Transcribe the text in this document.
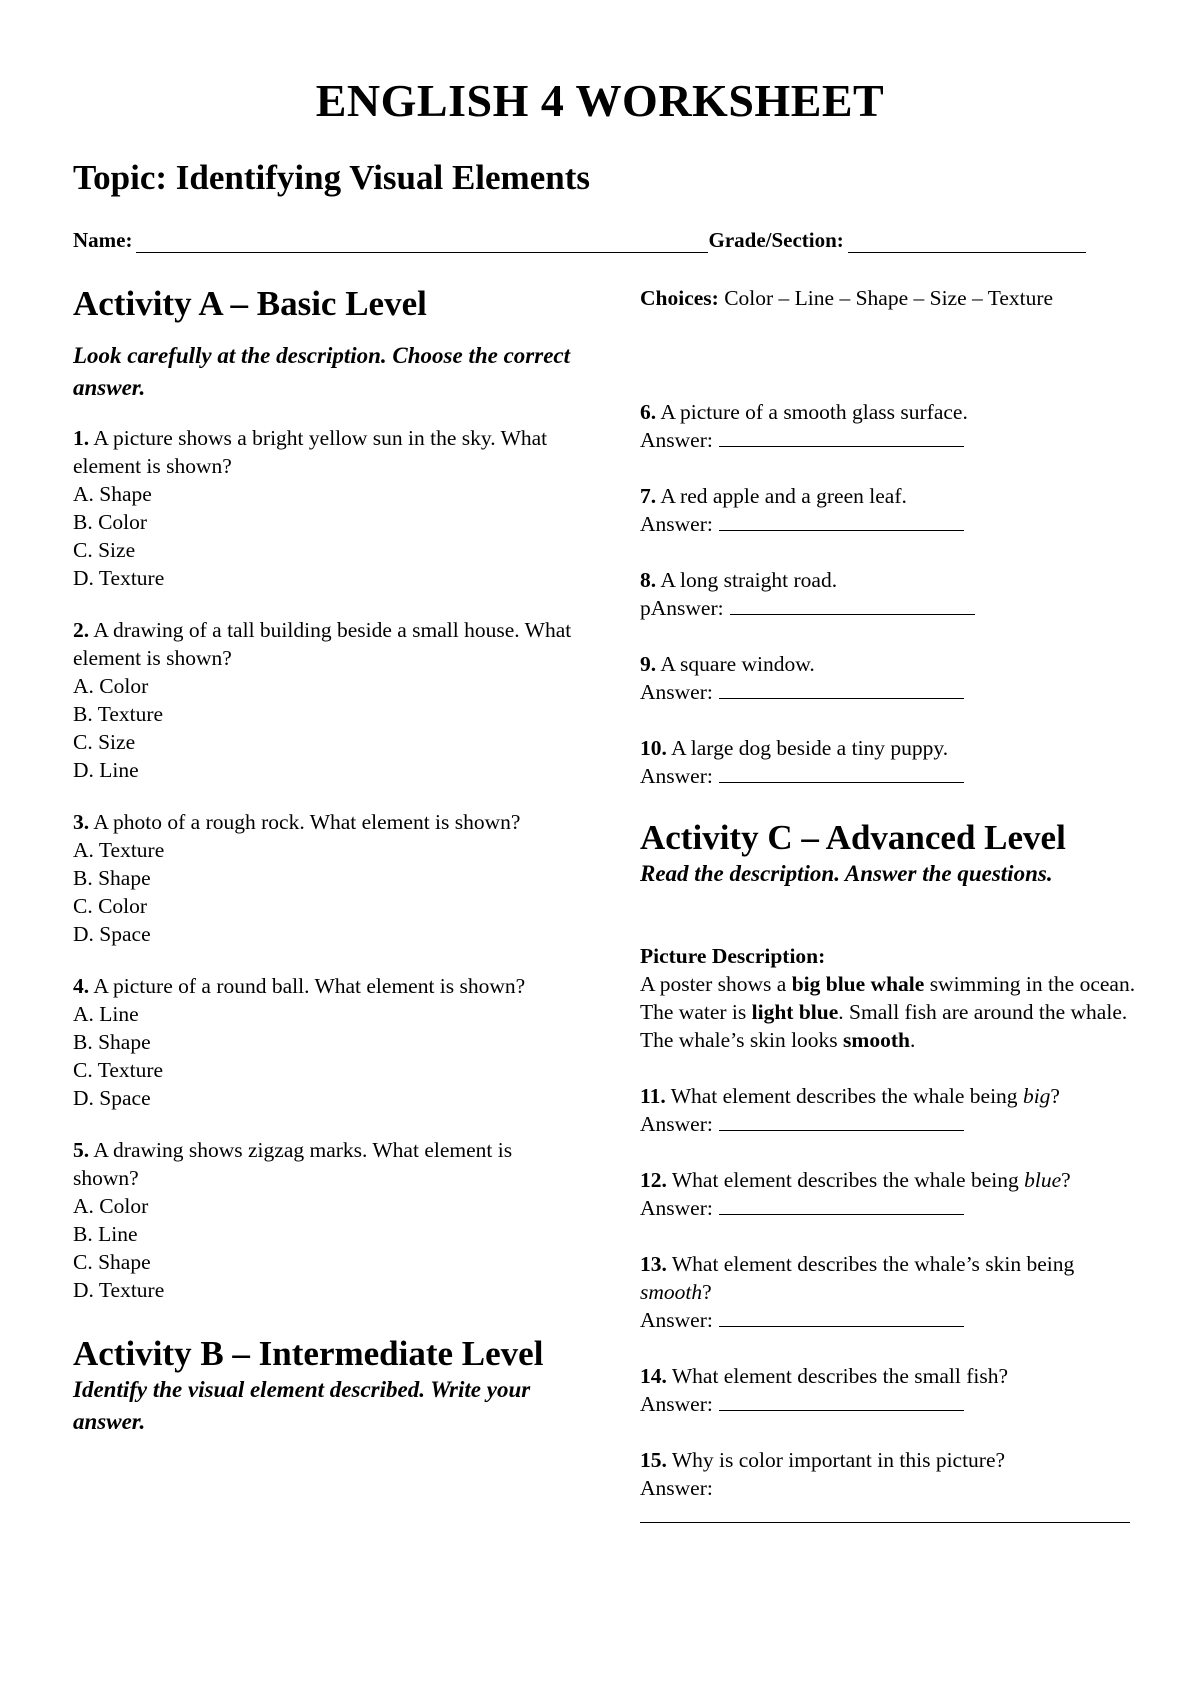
ENGLISH 4 WORKSHEET
Topic: Identifying Visual Elements
Name:	Grade/Section:
Activity A – Basic Level
Look carefully at the description. Choose the correct answer.

1. A picture shows a bright yellow sun in the sky. What element is shown?

A. Shape

B. Color

C. Size

D. Texture

2. A drawing of a tall building beside a small house. What element is shown?

A. Color

B. Texture

C. Size

D. Line

3. A photo of a rough rock. What element is shown?

A. Texture

B. Shape

C. Color

D. Space

4. A picture of a round ball. What element is shown?

A. Line

B. Shape

C. Texture

D. Space

5. A drawing shows zigzag marks. What element is shown?

A. Color

B. Line

C. Shape

D. Texture

Activity B – Intermediate Level
Identify the visual element described. Write your answer.

Choices: Color – Line – Shape – Size – Texture

6. A picture of a smooth glass surface.

Answer:

7. A red apple and a green leaf.

Answer:

8. A long straight road.

pAnswer:

9. A square window.

Answer:

10. A large dog beside a tiny puppy.

Answer:

Activity C – Advanced Level
Read the description. Answer the questions.

Picture Description:

A poster shows a big blue whale swimming in the ocean. The water is light blue. Small fish are around the whale. The whale’s skin looks smooth.

11. What element describes the whale being big?

Answer:

12. What element describes the whale being blue?

Answer:

13. What element describes the whale’s skin being smooth?

Answer:

14. What element describes the small fish?

Answer:

15. Why is color important in this picture?

Answer:
